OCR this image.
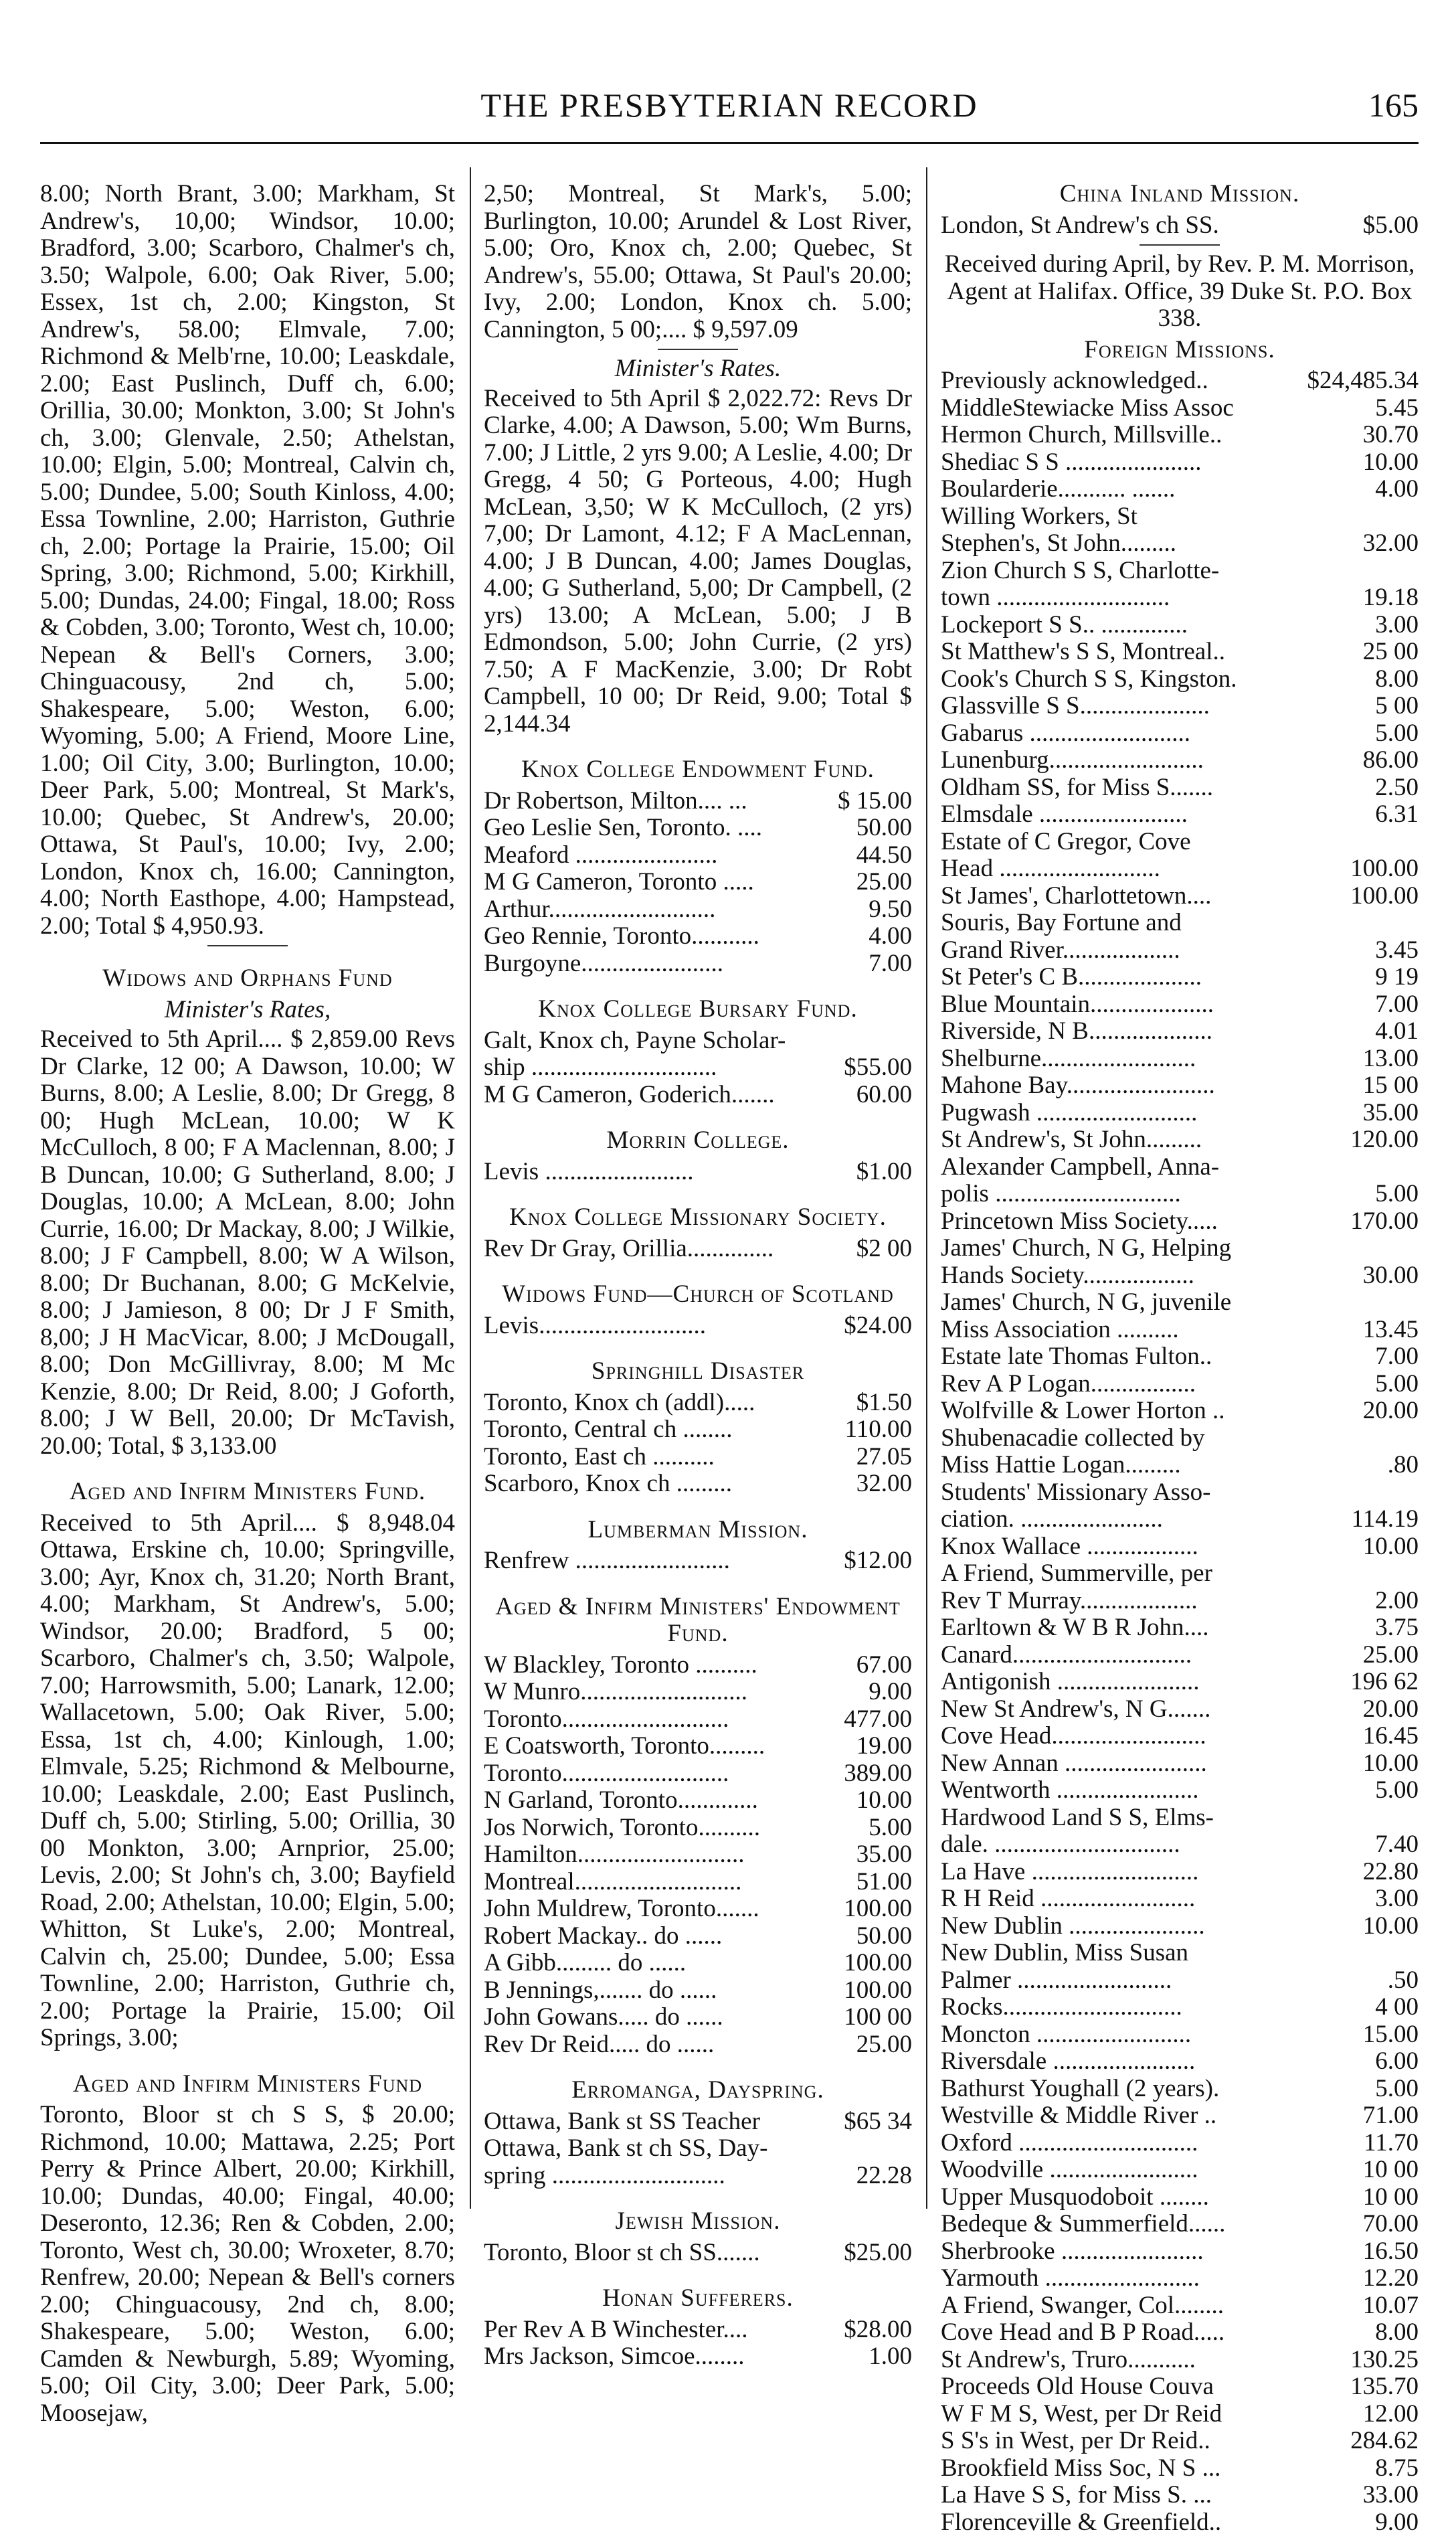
THE PRESBYTERIAN RECORD	165

8.00; North Brant, 3.00; Markham, St Andrew's, 10,00; Windsor, 10.00; Bradford, 3.00; Scarboro, Chalmer's ch, 3.50; Walpole, 6.00; Oak River, 5.00; Essex, 1st ch, 2.00; Kingston, St Andrew's, 58.00; Elmvale, 7.00; Richmond & Melb'rne, 10.00; Leaskdale, 2.00; East Puslinch, Duff ch, 6.00; Orillia, 30.00; Monkton, 3.00; St John's ch, 3.00; Glenvale, 2.50; Athelstan, 10.00; Elgin, 5.00; Montreal, Calvin ch, 5.00; Dundee, 5.00; South Kinloss, 4.00; Essa Townline, 2.00; Harriston, Guthrie ch, 2.00; Portage la Prairie, 15.00; Oil Spring, 3.00; Richmond, 5.00; Kirkhill, 5.00; Dundas, 24.00; Fingal, 18.00; Ross & Cobden, 3.00; Toronto, West ch, 10.00; Nepean & Bell's Corners, 3.00; Chinguacousy, 2nd ch, 5.00; Shakespeare, 5.00; Weston, 6.00; Wyoming, 5.00; A Friend, Moore Line, 1.00; Oil City, 3.00; Burlington, 10.00; Deer Park, 5.00; Montreal, St Mark's, 10.00; Quebec, St Andrew's, 20.00; Ottawa, St Paul's, 10.00; Ivy, 2.00; London, Knox ch, 16.00; Cannington, 4.00; North Easthope, 4.00; Hampstead, 2.00; Total $ 4,950.93.

Widows and Orphans Fund

Minister's Rates,

Received to 5th April.... $ 2,859.00 Revs Dr Clarke, 12 00; A Dawson, 10.00; W Burns, 8.00; A Leslie, 8.00; Dr Gregg, 8 00; Hugh McLean, 10.00; W K McCulloch, 8 00; F A Maclennan, 8.00; J B Duncan, 10.00; G Sutherland, 8.00; J Douglas, 10.00; A McLean, 8.00; John Currie, 16.00; Dr Mackay, 8.00; J Wilkie, 8.00; J F Campbell, 8.00; W A Wilson, 8.00; Dr Buchanan, 8.00; G McKelvie, 8.00; J Jamieson, 8 00; Dr J F Smith, 8,00; J H MacVicar, 8.00; J McDougall, 8.00; Don McGillivray, 8.00; M Mc Kenzie, 8.00; Dr Reid, 8.00; J Goforth, 8.00; J W Bell, 20.00; Dr McTavish, 20.00; Total, $ 3,133.00

Aged and Infirm Ministers Fund.

Received to 5th April.... $ 8,948.04 Ottawa, Erskine ch, 10.00; Springville, 3.00; Ayr, Knox ch, 31.20; North Brant, 4.00; Markham, St Andrew's, 5.00; Windsor, 20.00; Bradford, 5 00; Scarboro, Chalmer's ch, 3.50; Walpole, 7.00; Harrowsmith, 5.00; Lanark, 12.00; Wallacetown, 5.00; Oak River, 5.00; Essa, 1st ch, 4.00; Kinlough, 1.00; Elmvale, 5.25; Richmond & Melbourne, 10.00; Leaskdale, 2.00; East Puslinch, Duff ch, 5.00; Stirling, 5.00; Orillia, 30 00 Monkton, 3.00; Arnprior, 25.00; Levis, 2.00; St John's ch, 3.00; Bayfield Road, 2.00; Athelstan, 10.00; Elgin, 5.00; Whitton, St Luke's, 2.00; Montreal, Calvin ch, 25.00; Dundee, 5.00; Essa Townline, 2.00; Harriston, Guthrie ch, 2.00; Portage la Prairie, 15.00; Oil Springs, 3.00;

Aged and Infirm Ministers Fund

Toronto, Bloor st ch S S, $ 20.00; Richmond, 10.00; Mattawa, 2.25; Port Perry & Prince Albert, 20.00; Kirkhill, 10.00; Dundas, 40.00; Fingal, 40.00; Deseronto, 12.36; Ren & Cobden, 2.00; Toronto, West ch, 30.00; Wroxeter, 8.70; Renfrew, 20.00; Nepean & Bell's corners 2.00; Chinguacousy, 2nd ch, 8.00; Shakespeare, 5.00; Weston, 6.00; Camden & Newburgh, 5.89; Wyoming, 5.00; Oil City, 3.00; Deer Park, 5.00; Moosejaw,

2,50; Montreal, St Mark's, 5.00; Burlington, 10.00; Arundel & Lost River, 5.00; Oro, Knox ch, 2.00; Quebec, St Andrew's, 55.00; Ottawa, St Paul's 20.00; Ivy, 2.00; London, Knox ch. 5.00; Cannington, 5 00;.... $ 9,597.09

Minister's Rates.

Received to 5th April $ 2,022.72: Revs Dr Clarke, 4.00; A Dawson, 5.00; Wm Burns, 7.00; J Little, 2 yrs 9.00; A Leslie, 4.00; Dr Gregg, 4 50; G Porteous, 4.00; Hugh McLean, 3,50; W K McCulloch, (2 yrs) 7,00; Dr Lamont, 4.12; F A MacLennan, 4.00; J B Duncan, 4.00; James Douglas, 4.00; G Sutherland, 5,00; Dr Campbell, (2 yrs) 13.00; A McLean, 5.00; J B Edmondson, 5.00; John Currie, (2 yrs) 7.50; A F MacKenzie, 3.00; Dr Robt Campbell, 10 00; Dr Reid, 9.00; Total $ 2,144.34

Knox College Endowment Fund.

Dr Robertson, Milton.... ...	$ 15.00
Geo Leslie Sen, Toronto. ....	50.00
Meaford .......................	44.50
M G Cameron, Toronto .....	25.00
Arthur...........................	9.50
Geo Rennie, Toronto...........	4.00
Burgoyne.......................	7.00

Knox College Bursary Fund.

Galt, Knox ch, Payne Scholar-

ship ..............................	$55.00
M G Cameron, Goderich.......	60.00

Morrin College.

Levis ........................	$1.00

Knox College Missionary Society.

Rev Dr Gray, Orillia..............	$2 00

Widows Fund—Church of Scotland

Levis...........................	$24.00

Springhill Disaster

Toronto, Knox ch (addl).....	$1.50
Toronto, Central ch ........	110.00
Toronto, East ch ..........	27.05
Scarboro, Knox ch .........	32.00

Lumberman Mission.

Renfrew .........................	$12.00

Aged & Infirm Ministers' Endowment Fund.

W Blackley, Toronto ..........	67.00
W Munro...........................	9.00
Toronto...........................	477.00
E Coatsworth, Toronto.........	19.00
Toronto...........................	389.00
N Garland, Toronto.............	10.00
Jos Norwich, Toronto..........	5.00
Hamilton...........................	35.00
Montreal...........................	51.00
John Muldrew, Toronto.......	100.00
Robert Mackay.. do ......	50.00
A Gibb......... do ......	100.00
B Jennings,....... do ......	100.00
John Gowans..... do ......	100 00
Rev Dr Reid..... do ......	25.00

Erromanga, Dayspring.

Ottawa, Bank st SS Teacher	$65 34

Ottawa, Bank st ch SS, Day-

spring ............................	22.28

Jewish Mission.

Toronto, Bloor st ch SS.......	$25.00

Honan Sufferers.

Per Rev A B Winchester....	$28.00
Mrs Jackson, Simcoe........	1.00

China Inland Mission.

London, St Andrew's ch SS.	$5.00

Received during April, by Rev. P. M. Morrison, Agent at Halifax. Office, 39 Duke St. P.O. Box 338.

Foreign Missions.

Previously acknowledged..	$24,485.34
MiddleStewiacke Miss Assoc	5.45
Hermon Church, Millsville..	30.70
Shediac S S ......................	10.00
Boularderie........... .......	4.00
Willing Workers, St
Stephen's, St John.........	32.00
Zion Church S S, Charlotte-
town ............................	19.18
Lockeport S S.. ..............	3.00
St Matthew's S S, Montreal..	25 00
Cook's Church S S, Kingston.	8.00
Glassville S S.....................	5 00
Gabarus ..........................	5.00
Lunenburg.........................	86.00
Oldham SS, for Miss S.......	2.50
Elmsdale ........................	6.31
Estate of C Gregor, Cove
Head ..........................	100.00
St James', Charlottetown....	100.00
Souris, Bay Fortune and
Grand River...................	3.45
St Peter's C B....................	9 19
Blue Mountain....................	7.00
Riverside, N B....................	4.01
Shelburne.........................	13.00
Mahone Bay........................	15 00
Pugwash ..........................	35.00
St Andrew's, St John.........	120.00
Alexander Campbell, Anna-
polis ..............................	5.00
Princetown Miss Society.....	170.00
James' Church, N G, Helping
Hands Society..................	30.00
James' Church, N G, juvenile
Miss Association ..........	13.45
Estate late Thomas Fulton..	7.00
Rev A P Logan.................	5.00
Wolfville & Lower Horton ..	20.00
Shubenacadie collected by
Miss Hattie Logan.........	.80
Students' Missionary Asso-
ciation. .......................	114.19
Knox Wallace ..................	10.00
A Friend, Summerville, per
Rev T Murray...................	2.00
Earltown & W B R John....	3.75
Canard.............................	25.00
Antigonish .......................	196 62
New St Andrew's, N G.......	20.00
Cove Head.........................	16.45
New Annan .......................	10.00
Wentworth .......................	5.00
Hardwood Land S S, Elms-
dale. ..............................	7.40
La Have ...........................	22.80
R H Reid .........................	3.00
New Dublin ......................	10.00
New Dublin, Miss Susan
Palmer .........................	.50
Rocks.............................	4 00
Moncton .........................	15.00
Riversdale .......................	6.00
Bathurst Youghall (2 years).	5.00
Westville & Middle River ..	71.00
Oxford .............................	11.70
Woodville ........................	10 00
Upper Musquodoboit ........	10 00
Bedeque & Summerfield......	70.00
Sherbrooke .......................	16.50
Yarmouth .........................	12.20
A Friend, Swanger, Col........	10.07
Cove Head and B P Road.....	8.00
St Andrew's, Truro...........	130.25
Proceeds Old House Couva	135.70
W F M S, West, per Dr Reid	12.00
S S's in West, per Dr Reid..	284.62
Brookfield Miss Soc, N S ...	8.75
La Have S S, for Miss S. ...	33.00
Florenceville & Greenfield..	9.00
